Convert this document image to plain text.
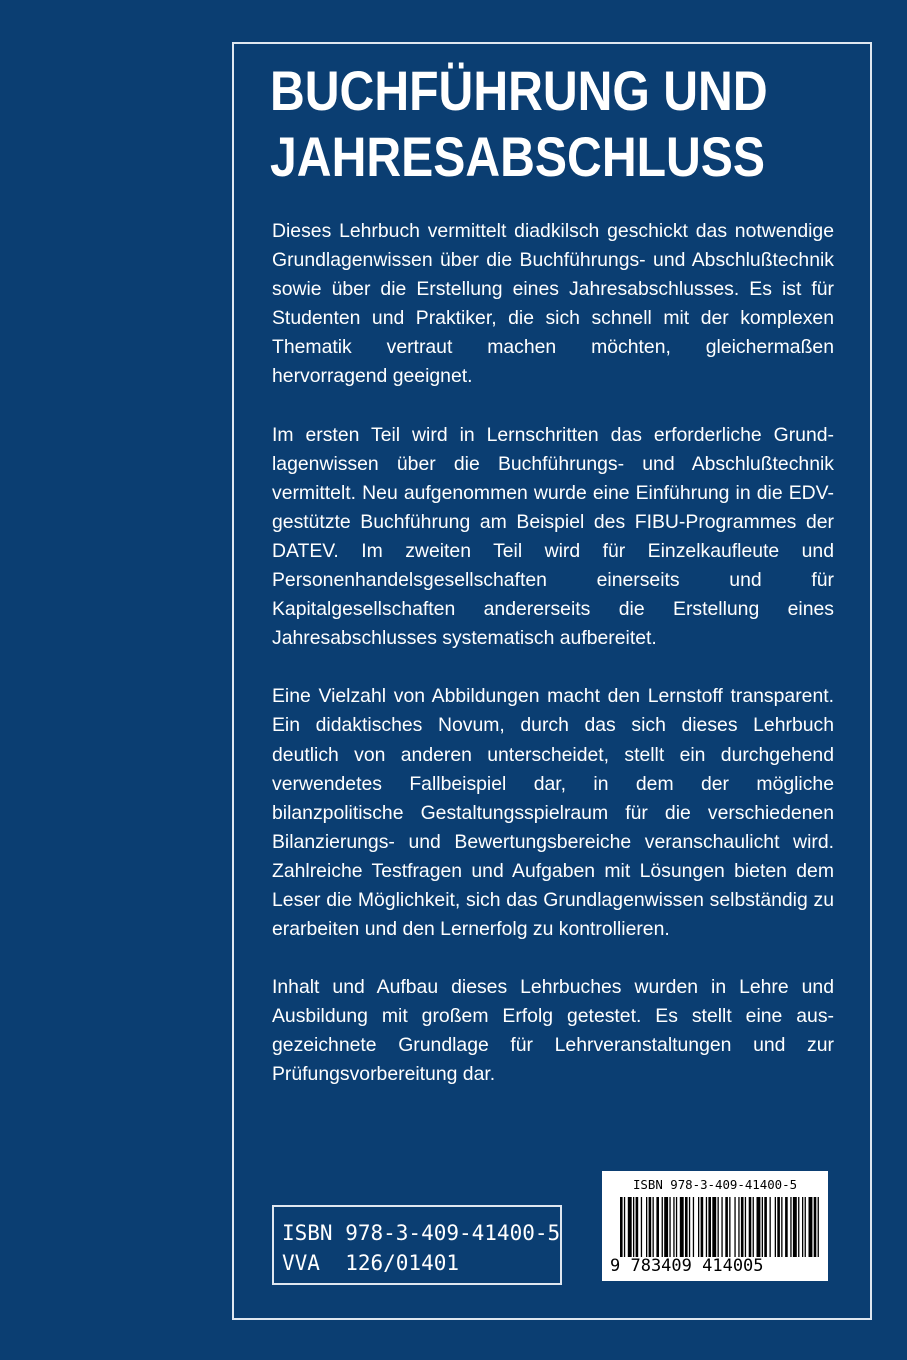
BUCHFÜHRUNG UND
JAHRESABSCHLUSS

Dieses Lehrbuch vermittelt diadkilsch geschickt das notwendige Grundlagenwissen über die Buchführungs- und Abschlußtechnik sowie über die Erstellung eines Jahresabschlusses. Es ist für Studenten und Praktiker, die sich schnell mit der komplexen Thematik vertraut machen möchten, gleichermaßen hervorragend geeignet.

Im ersten Teil wird in Lernschritten das erforderliche Grundlagenwissen über die Buchführungs- und Abschlußtechnik vermittelt. Neu aufgenommen wurde eine Einführung in die EDV-gestützte Buchführung am Beispiel des FIBU-Programmes der DATEV. Im zweiten Teil wird für Einzelkaufleute und Personenhandelsgesellschaften einerseits und für Kapitalgesellschaften andererseits die Erstellung eines Jahresabschlusses systematisch aufbereitet.

Eine Vielzahl von Abbildungen macht den Lernstoff transparent. Ein didaktisches Novum, durch das sich dieses Lehrbuch deutlich von anderen unterscheidet, stellt ein durchgehend verwendetes Fallbeispiel dar, in dem der mögliche bilanzpolitische Gestaltungsspielraum für die verschiedenen Bilanzierungs- und Bewertungsbereiche veranschaulicht wird. Zahlreiche Testfragen und Aufgaben mit Lösungen bieten dem Leser die Möglichkeit, sich das Grundlagenwissen selbständig zu erarbeiten und den Lernerfolg zu kontrollieren.

Inhalt und Aufbau dieses Lehrbuches wurden in Lehre und Ausbildung mit großem Erfolg getestet. Es stellt eine ausgezeichnete Grundlage für Lehrveranstaltungen und zur Prüfungsvorbereitung dar.

ISBN 978-3-409-41400-5
VVA  126/01401
ISBN 978-3-409-41400-5
9 783409 414005
